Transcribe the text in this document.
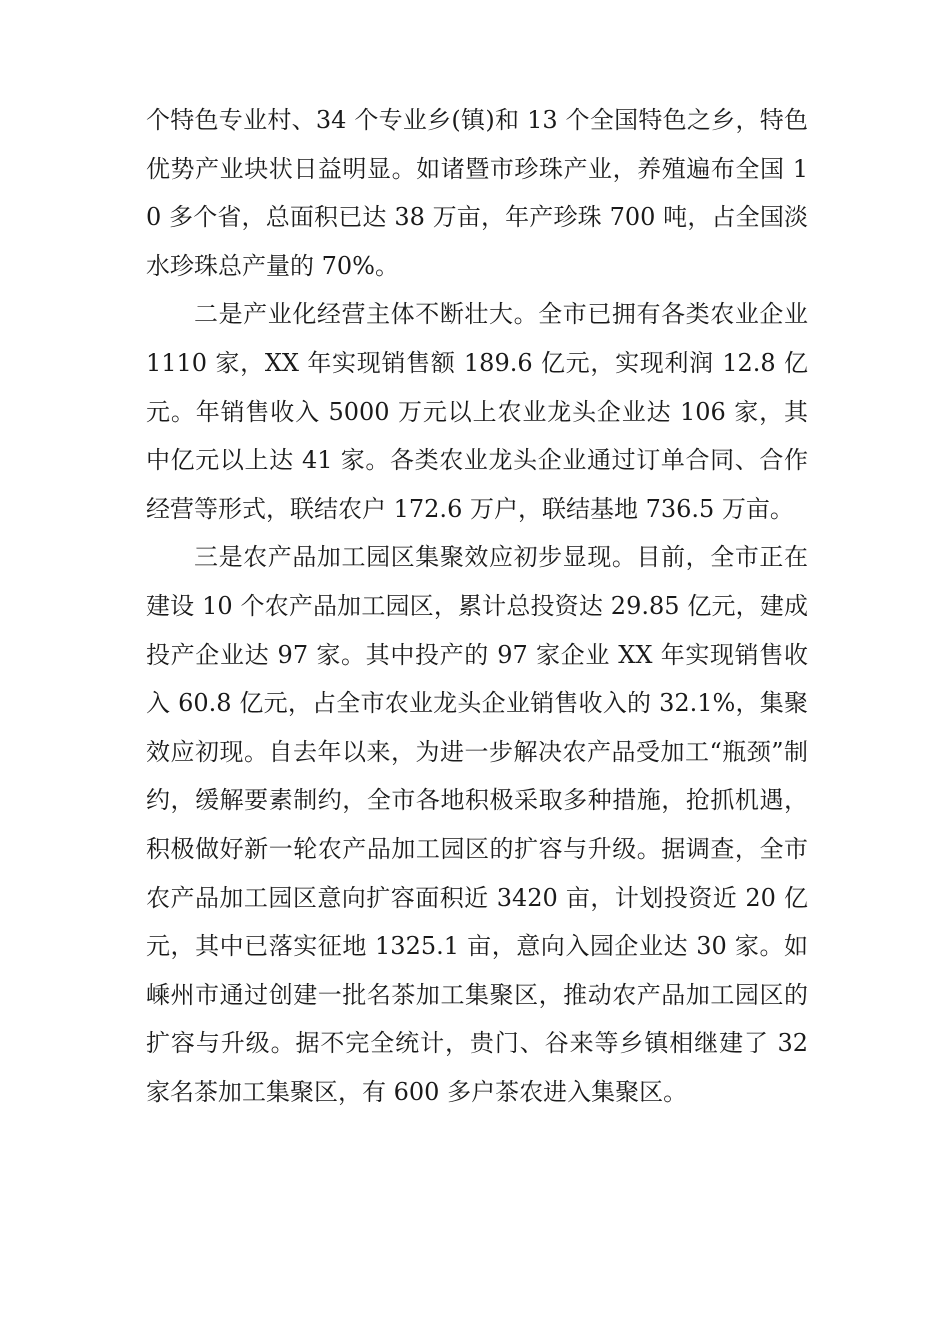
个特色专业村、34 个专业乡(镇)和 13 个全国特色之乡，特色优势产业块状日益明显。如诸暨市珍珠产业，养殖遍布全国 10 多个省，总面积已达 38 万亩，年产珍珠 700 吨，占全国淡水珍珠总产量的 70%。

二是产业化经营主体不断壮大。全市已拥有各类农业企业 1110 家，XX 年实现销售额 189.6 亿元，实现利润 12.8 亿元。年销售收入 5000 万元以上农业龙头企业达 106 家，其中亿元以上达 41 家。各类农业龙头企业通过订单合同、合作经营等形式，联结农户 172.6 万户，联结基地 736.5 万亩。

三是农产品加工园区集聚效应初步显现。目前，全市正在建设 10 个农产品加工园区，累计总投资达 29.85 亿元，建成投产企业达 97 家。其中投产的 97 家企业 XX 年实现销售收入 60.8 亿元，占全市农业龙头企业销售收入的 32.1%，集聚效应初现。自去年以来，为进一步解决农产品受加工“瓶颈”制约，缓解要素制约，全市各地积极采取多种措施，抢抓机遇，积极做好新一轮农产品加工园区的扩容与升级。据调查，全市农产品加工园区意向扩容面积近 3420 亩，计划投资近 20 亿元，其中已落实征地 1325.1 亩，意向入园企业达 30 家。如嵊州市通过创建一批名茶加工集聚区，推动农产品加工园区的扩容与升级。据不完全统计，贵门、谷来等乡镇相继建了 32 家名茶加工集聚区，有 600 多户茶农进入集聚区。
